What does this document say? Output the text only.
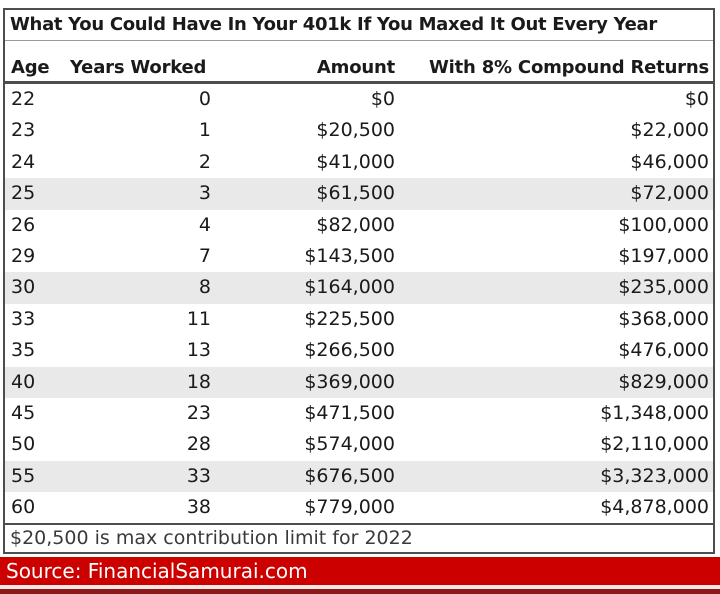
What You Could Have In Your 401k If You Maxed It Out Every Year
Age	Years Worked	Amount	With 8% Compound Returns
22	0	$0	$0
23	1	$20,500	$22,000
24	2	$41,000	$46,000
25	3	$61,500	$72,000
26	4	$82,000	$100,000
29	7	$143,500	$197,000
30	8	$164,000	$235,000
33	11	$225,500	$368,000
35	13	$266,500	$476,000
40	18	$369,000	$829,000
45	23	$471,500	$1,348,000
50	28	$574,000	$2,110,000
55	33	$676,500	$3,323,000
60	38	$779,000	$4,878,000
$20,500 is max contribution limit for 2022
Source: FinancialSamurai.com
